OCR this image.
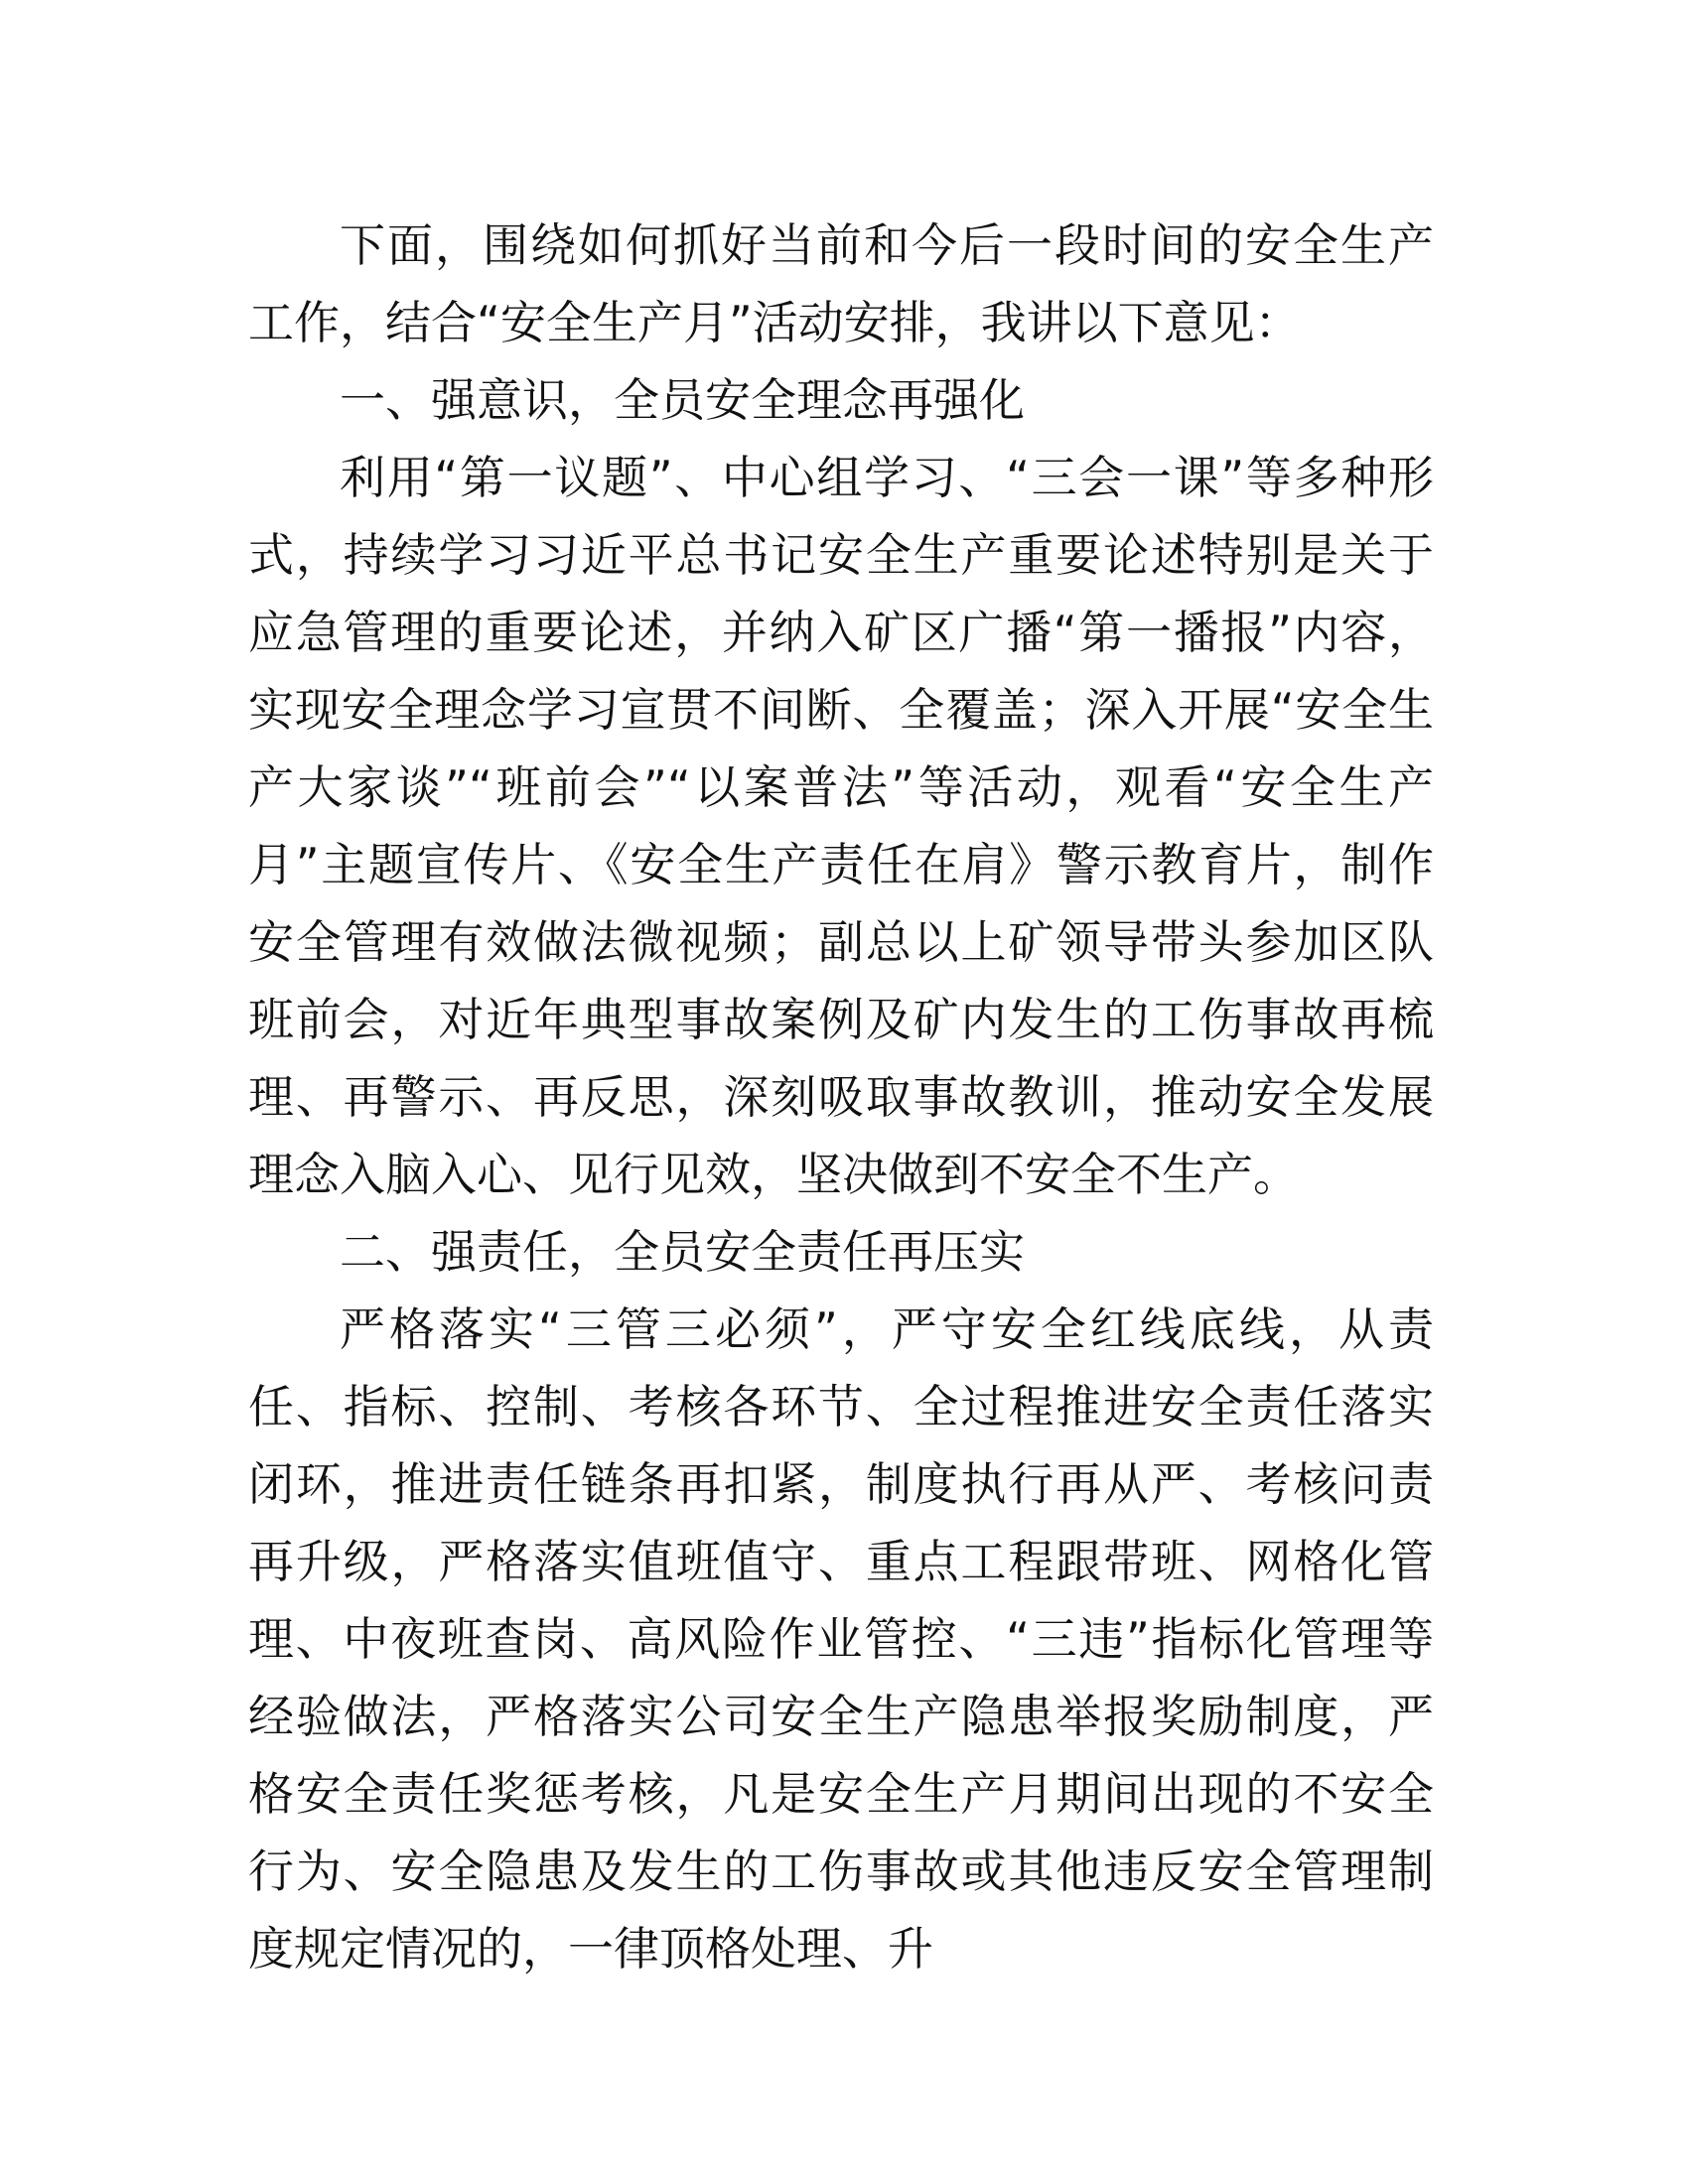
下面，围绕如何抓好当前和今后一段时间的安全生产工作，结合“安全生产月”活动安排，我讲以下意见：

一、强意识，全员安全理念再强化

利用“第一议题”、中心组学习、“三会一课”等多种形式，持续学习习近平总书记安全生产重要论述特别是关于应急管理的重要论述，并纳入矿区广播“第一播报”内容，实现安全理念学习宣贯不间断、全覆盖；深入开展“安全生产大家谈”“班前会”“以案普法”等活动，观看“安全生产月”主题宣传片、《安全生产责任在肩》警示教育片，制作安全管理有效做法微视频；副总以上矿领导带头参加区队班前会，对近年典型事故案例及矿内发生的工伤事故再梳理、再警示、再反思，深刻吸取事故教训，推动安全发展理念入脑入心、见行见效，坚决做到不安全不生产。

二、强责任，全员安全责任再压实

严格落实“三管三必须”，严守安全红线底线，从责任、指标、控制、考核各环节、全过程推进安全责任落实闭环，推进责任链条再扣紧，制度执行再从严、考核问责再升级，严格落实值班值守、重点工程跟带班、网格化管理、中夜班查岗、高风险作业管控、“三违”指标化管理等经验做法，严格落实公司安全生产隐患举报奖励制度，严格安全责任奖惩考核，凡是安全生产月期间出现的不安全行为、安全隐患及发生的工伤事故或其他违反安全管理制度规定情况的，一律顶格处理、升
